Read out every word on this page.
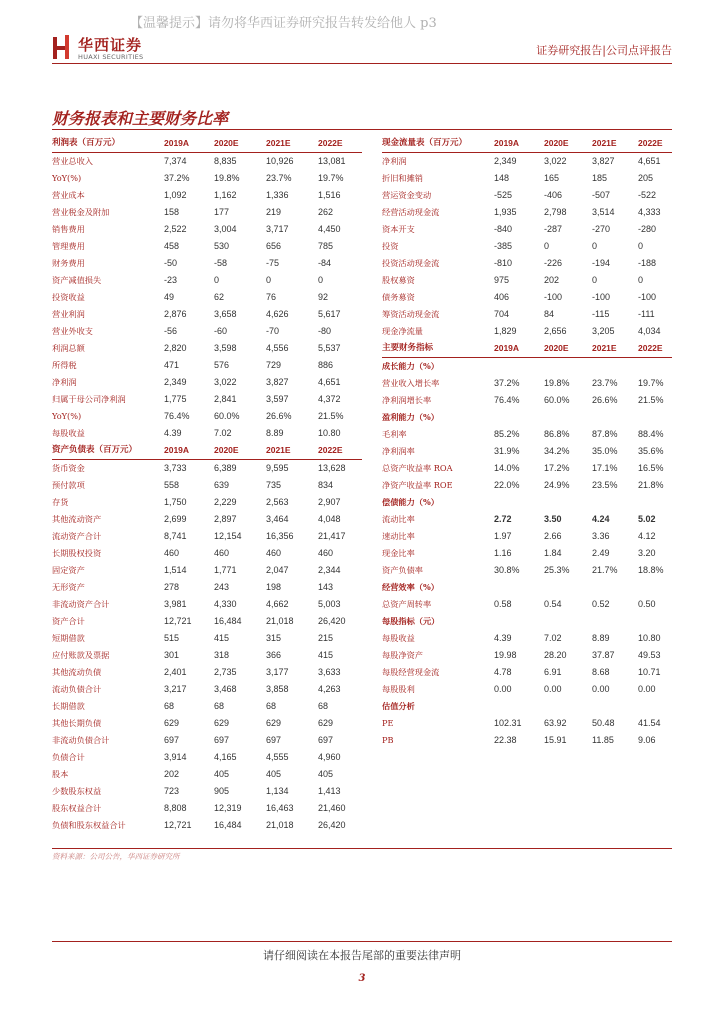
【温馨提示】请勿将华西证券研究报告转发给他人 p3
华西证券
HUAXI SECURITIES	证券研究报告|公司点评报告
财务报表和主要财务比率
利润表（百万元）	2019A	2020E	2021E	2022E
营业总收入	7,374	8,835	10,926	13,081
YoY(%)	37.2%	19.8%	23.7%	19.7%
营业成本	1,092	1,162	1,336	1,516
营业税金及附加	158	177	219	262
销售费用	2,522	3,004	3,717	4,450
管理费用	458	530	656	785
财务费用	-50	-58	-75	-84
资产减值损失	-23	0	0	0
投资收益	49	62	76	92
营业利润	2,876	3,658	4,626	5,617
营业外收支	-56	-60	-70	-80
利润总额	2,820	3,598	4,556	5,537
所得税	471	576	729	886
净利润	2,349	3,022	3,827	4,651
归属于母公司净利润	1,775	2,841	3,597	4,372
YoY(%)	76.4%	60.0%	26.6%	21.5%
每股收益	4.39	7.02	8.89	10.80
资产负债表（百万元）	2019A	2020E	2021E	2022E
货币资金	3,733	6,389	9,595	13,628
预付款项	558	639	735	834
存货	1,750	2,229	2,563	2,907
其他流动资产	2,699	2,897	3,464	4,048
流动资产合计	8,741	12,154	16,356	21,417
长期股权投资	460	460	460	460
固定资产	1,514	1,771	2,047	2,344
无形资产	278	243	198	143
非流动资产合计	3,981	4,330	4,662	5,003
资产合计	12,721	16,484	21,018	26,420
短期借款	515	415	315	215
应付账款及票据	301	318	366	415
其他流动负债	2,401	2,735	3,177	3,633
流动负债合计	3,217	3,468	3,858	4,263
长期借款	68	68	68	68
其他长期负债	629	629	629	629
非流动负债合计	697	697	697	697
负债合计	3,914	4,165	4,555	4,960
股本	202	405	405	405
少数股东权益	723	905	1,134	1,413
股东权益合计	8,808	12,319	16,463	21,460
负债和股东权益合计	12,721	16,484	21,018	26,420
现金流量表（百万元）	2019A	2020E	2021E	2022E
净利润	2,349	3,022	3,827	4,651
折旧和摊销	148	165	185	205
营运资金变动	-525	-406	-507	-522
经营活动现金流	1,935	2,798	3,514	4,333
资本开支	-840	-287	-270	-280
投资	-385	0	0	0
投资活动现金流	-810	-226	-194	-188
股权募资	975	202	0	0
债务募资	406	-100	-100	-100
筹资活动现金流	704	84	-115	-111
现金净流量	1,829	2,656	3,205	4,034
主要财务指标	2019A	2020E	2021E	2022E
成长能力（%）				
营业收入增长率	37.2%	19.8%	23.7%	19.7%
净利润增长率	76.4%	60.0%	26.6%	21.5%
盈利能力（%）				
毛利率	85.2%	86.8%	87.8%	88.4%
净利润率	31.9%	34.2%	35.0%	35.6%
总资产收益率 ROA	14.0%	17.2%	17.1%	16.5%
净资产收益率 ROE	22.0%	24.9%	23.5%	21.8%
偿债能力（%）				
流动比率	2.72	3.50	4.24	5.02
速动比率	1.97	2.66	3.36	4.12
现金比率	1.16	1.84	2.49	3.20
资产负债率	30.8%	25.3%	21.7%	18.8%
经营效率（%）				
总资产周转率	0.58	0.54	0.52	0.50
每股指标（元）				
每股收益	4.39	7.02	8.89	10.80
每股净资产	19.98	28.20	37.87	49.53
每股经营现金流	4.78	6.91	8.68	10.71
每股股利	0.00	0.00	0.00	0.00
估值分析				
PE	102.31	63.92	50.48	41.54
PB	22.38	15.91	11.85	9.06
资料来源：公司公告，华西证券研究所
请仔细阅读在本报告尾部的重要法律声明
3
